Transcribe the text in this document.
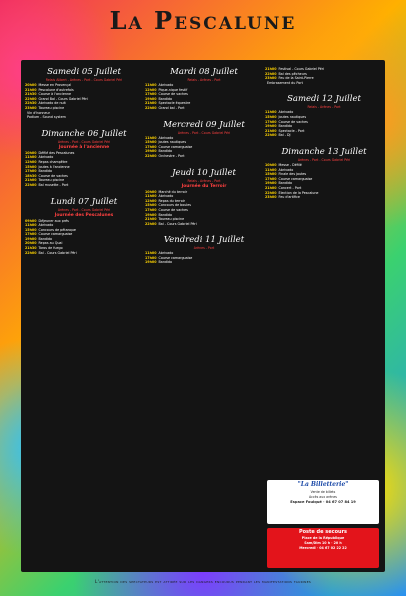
La Pescalune
Samedi 05 Juillet
Relais Alibert - Arènes - Port - Cours Gabriel Péri
20h00 Messe en Provençal
21h00 Pescalune d'autrefois
21h30 Course à l'ancienne
22h00 Grand Bal - Cours Gabriel Péri
22h30 Abrivado de nuit
23h00 Taureau piscine
Vin d'honneur
Podium - Sound system
Dimanche 06 Juillet
Arènes - Port - Cours Gabriel Péri
Journée à l'ancienne
10h00 Défilé des Pescalunes
11h00 Abrivado
12h00 Repas champêtre
15h00 Joutes à l'ancienne
17h00 Bandido
18h30 Course de vaches
21h00 Taureau piscine
22h00 Bal musette - Port
Lundi 07 Juillet
Arènes - Port - Cours Gabriel Péri
Journée des Pescalunes
09h00 Déjeuner aux prés
11h00 Abrivado
15h00 Concours de pétanque
17h00 Course camarguaise
19h00 Bandido
20h00 Repas au Quai
21h30 Toros de fuego
22h00 Bal - Cours Gabriel Péri
Mardi 08 Juillet
Relais - Arènes - Port
11h00 Abrivado
12h00 Pique-nique festif
17h00 Course de vaches
19h00 Bandido
21h00 Spectacle équestre
22h00 Grand bal - Port
Mercredi 09 Juillet
Arènes - Port - Cours Gabriel Péri
11h00 Abrivado
15h00 Joutes nautiques
17h00 Course camarguaise
19h00 Bandido
22h00 Orchestre - Port
Jeudi 10 Juillet
Relais - Arènes - Port
Journée du Terroir
10h00 Marché du terroir
11h00 Abrivado
12h00 Repas du terroir
15h00 Concours de boules
17h00 Course de vaches
19h00 Bandido
21h00 Taureau piscine
22h00 Bal - Cours Gabriel Péri
Vendredi 11 Juillet
Arènes - Port
11h00 Abrivado
17h00 Course camarguaise
19h00 Bandido
21h00 Festival - Cours Gabriel Péri
22h00 Bal des pêcheurs
23h00 Feu de la Saint-Pierre
Embrasement du Port
Samedi 12 Juillet
Relais - Arènes - Port
11h00 Abrivado
15h00 Joutes nautiques
17h00 Course de vaches
19h00 Bandido
21h00 Spectacle - Port
22h00 Bal - DJ
Dimanche 13 Juillet
Arènes - Port - Cours Gabriel Péri
10h00 Messe - Défilé
11h00 Abrivado
15h00 Finale des joutes
17h00 Course camarguaise
19h00 Bandido
21h00 Concert - Port
22h00 Élection de la Pescalune
23h00 Feu d'artifice
"La Billetterie"
Vente de billets
Accès aux arènes
Espace Foulqué · 04 67 07 84 19
Poste de secours
Place de la République
Sam/Dim 10 h · 20 h
Mercredi · 04 67 02 22 22
L'attention des spectateurs est attirée sur les dangers encourus pendant les manifestations taurines
